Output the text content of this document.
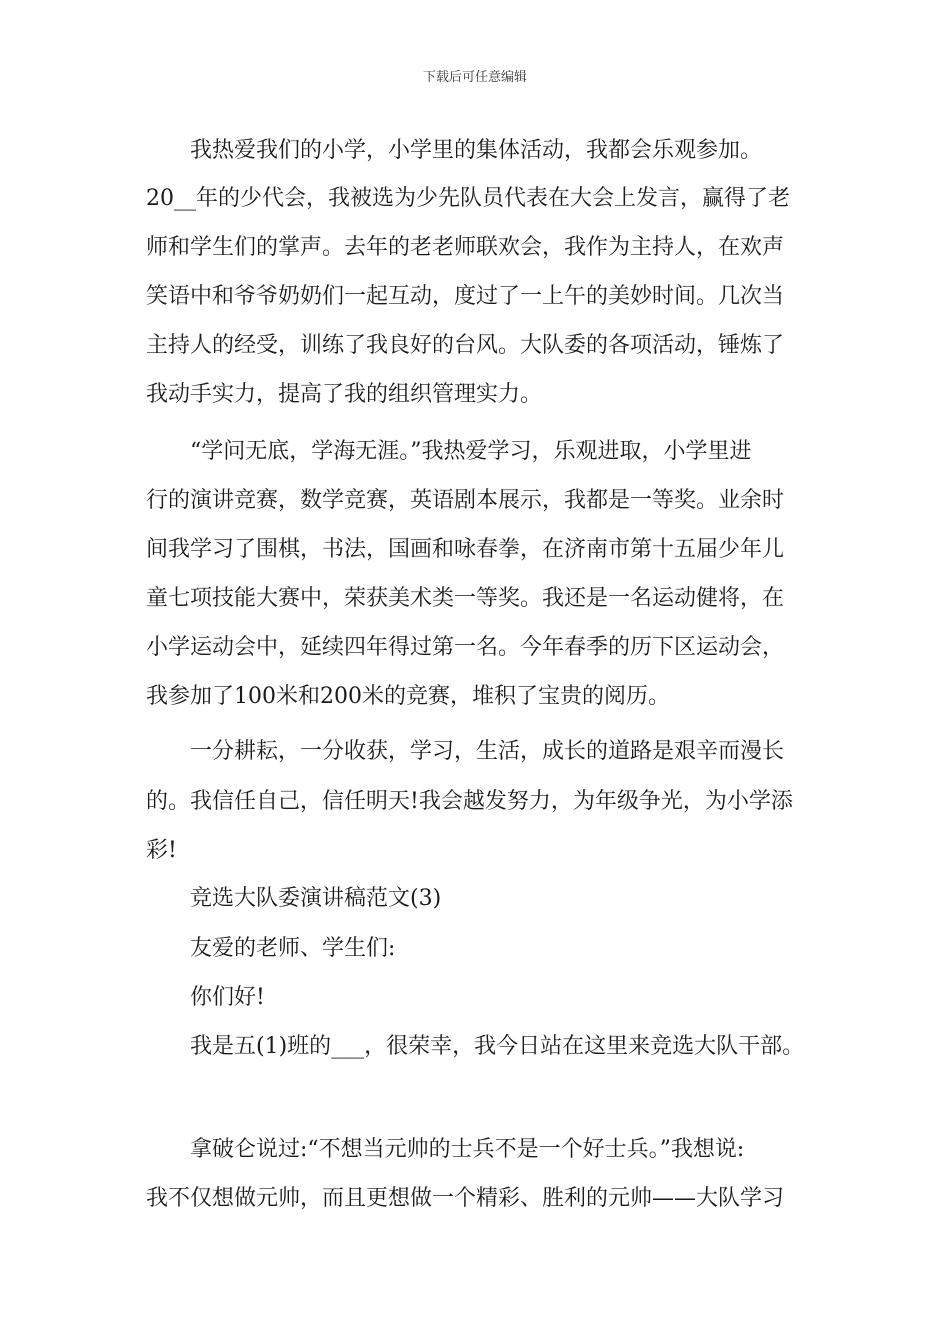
下载后可任意编辑
我热爱我们的小学，小学里的集体活动，我都会乐观参加。
20__年的少代会，我被选为少先队员代表在大会上发言，赢得了老
师和学生们的掌声。去年的老老师联欢会，我作为主持人，在欢声
笑语中和爷爷奶奶们一起互动，度过了一上午的美妙时间。几次当
主持人的经受，训练了我良好的台风。大队委的各项活动，锤炼了
我动手实力，提高了我的组织管理实力。
“学问无底，学海无涯。”我热爱学习，乐观进取，小学里进
行的演讲竞赛，数学竞赛，英语剧本展示，我都是一等奖。业余时
间我学习了围棋，书法，国画和咏春拳，在济南市第十五届少年儿
童七项技能大赛中，荣获美术类一等奖。我还是一名运动健将，在
小学运动会中，延续四年得过第一名。今年春季的历下区运动会，
我参加了100米和200米的竞赛，堆积了宝贵的阅历。
一分耕耘，一分收获，学习，生活，成长的道路是艰辛而漫长
的。我信任自己，信任明天!我会越发努力，为年级争光，为小学添
彩!
竞选大队委演讲稿范文(3)
友爱的老师、学生们:
你们好!
我是五(1)班的___，很荣幸，我今日站在这里来竞选大队干部。
拿破仑说过:“不想当元帅的士兵不是一个好士兵。”我想说:
我不仅想做元帅，而且更想做一个精彩、胜利的元帅——大队学习
